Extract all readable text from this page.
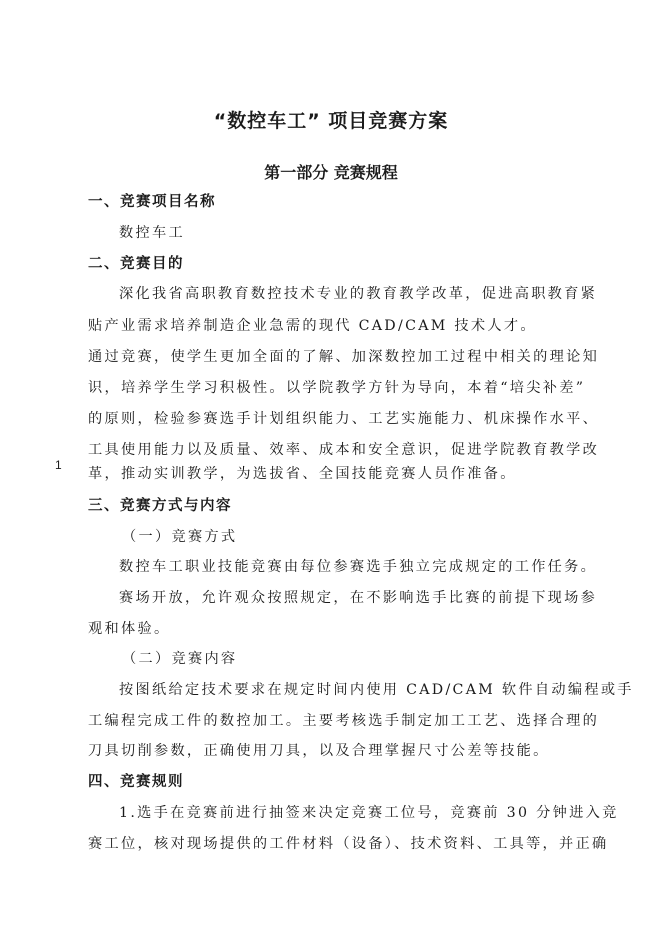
“数控车工” 项目竞赛方案
第一部分 竞赛规程
一、竞赛项目名称
数控车工
二、竞赛目的
深化我省高职教育数控技术专业的教育教学改革，促进高职教育紧
贴产业需求培养制造企业急需的现代 CAD/CAM 技术人才。
通过竞赛，使学生更加全面的了解、加深数控加工过程中相关的理论知
识，培养学生学习积极性。以学院教学方针为导向，本着“培尖补差”
的原则，检验参赛选手计划组织能力、工艺实施能力、机床操作水平、
工具使用能力以及质量、效率、成本和安全意识，促进学院教育教学改
革，推动实训教学，为选拔省、全国技能竞赛人员作准备。
1
三、竞赛方式与内容
（一）竞赛方式
数控车工职业技能竞赛由每位参赛选手独立完成规定的工作任务。
赛场开放，允许观众按照规定，在不影响选手比赛的前提下现场参
观和体验。
（二）竞赛内容
按图纸给定技术要求在规定时间内使用 CAD/CAM 软件自动编程或手
工编程完成工件的数控加工。主要考核选手制定加工工艺、选择合理的
刀具切削参数，正确使用刀具，以及合理掌握尺寸公差等技能。
四、竞赛规则
1.选手在竞赛前进行抽签来决定竞赛工位号，竞赛前 30 分钟进入竞
赛工位，核对现场提供的工件材料（设备）、技术资料、工具等，并正确
